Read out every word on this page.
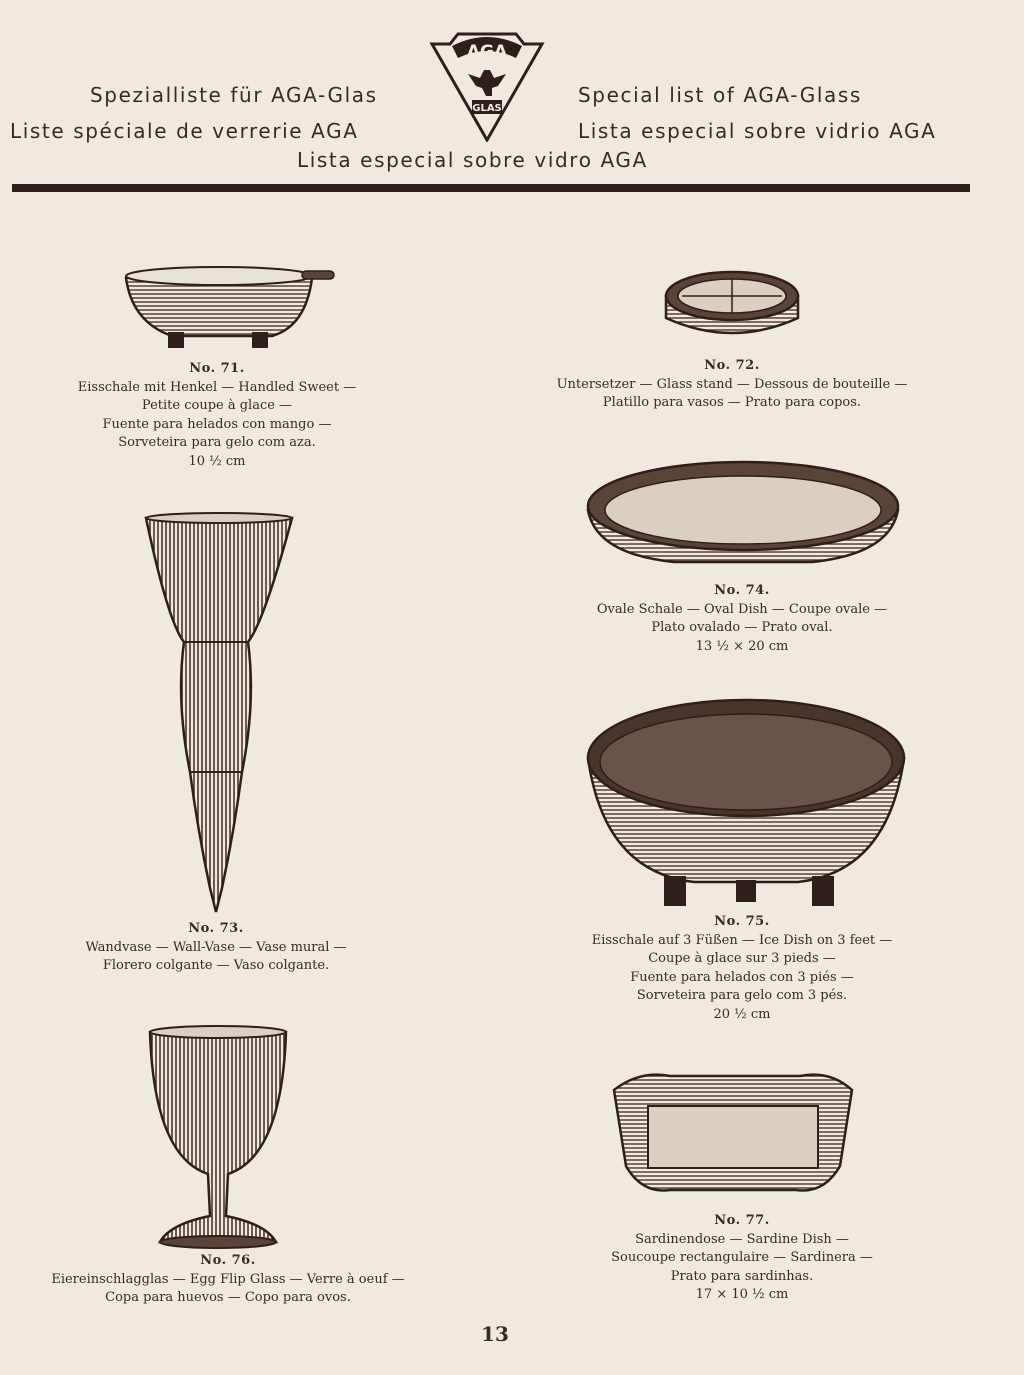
Spezialliste für AGA-Glas
Liste spéciale de verrerie AGA
Special list of AGA-Glass
Lista especial sobre vidrio AGA
Lista especial sobre vidro AGA
AGA
GLAS
No. 71.
Eisschale mit Henkel — Handled Sweet —
Petite coupe à glace —
Fuente para helados con mango —
Sorveteira para gelo com aza.
10 ½ cm
No. 72.
Untersetzer — Glass stand — Dessous de bouteille —
Platillo para vasos — Prato para copos.
No. 74.
Ovale Schale — Oval Dish — Coupe ovale —
Plato ovalado — Prato oval.
13 ½ × 20 cm
No. 73.
Wandvase — Wall-Vase — Vase mural —
Florero colgante — Vaso colgante.
No. 75.
Eisschale auf 3 Füßen — Ice Dish on 3 feet —
Coupe à glace sur 3 pieds —
Fuente para helados con 3 piés —
Sorveteira para gelo com 3 pés.
20 ½ cm
No. 76.
Eiereinschlagglas — Egg Flip Glass — Verre à oeuf —
Copa para huevos — Copo para ovos.
No. 77.
Sardinendose — Sardine Dish —
Soucoupe rectangulaire — Sardinera —
Prato para sardinhas.
17 × 10 ½ cm
13
